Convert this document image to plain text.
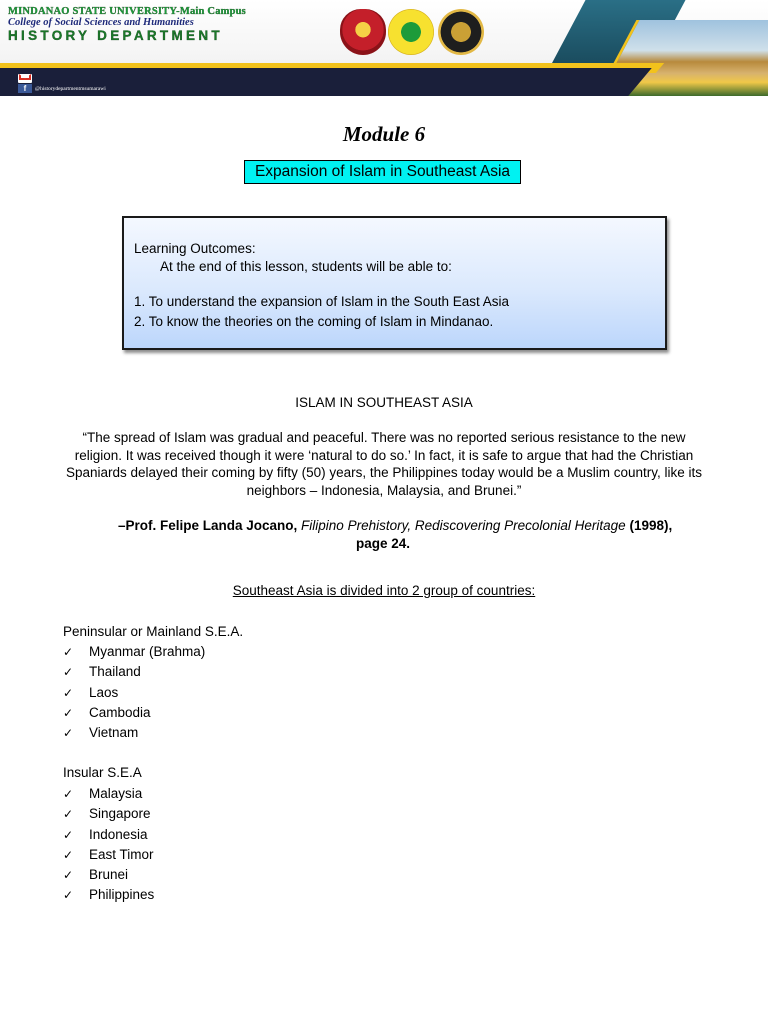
MINDANAO STATE UNIVERSITY-Main Campus
College of Social Sciences and Humanities
HISTORY DEPARTMENT
f	@historydepartmentmsumarawi
Module 6
Expansion of Islam in Southeast Asia
Learning Outcomes:
At the end of this lesson, students will be able to:
1. To understand the expansion of Islam in the South East Asia
2. To know the theories on the coming of Islam in Mindanao.
ISLAM IN SOUTHEAST ASIA
“The spread of Islam was gradual and peaceful. There was no reported serious resistance to the new religion. It was received though it were ‘natural to do so.’ In fact, it is safe to argue that had the Christian Spaniards delayed their coming by fifty (50) years, the Philippines today would be a Muslim country, like its neighbors – Indonesia, Malaysia, and Brunei.”
–Prof. Felipe Landa Jocano, Filipino Prehistory, Rediscovering Precolonial Heritage (1998),
page 24.
Southeast Asia is divided into 2 group of countries:
Peninsular or Mainland S.E.A.
✓	Myanmar (Brahma)
✓	Thailand
✓	Laos
✓	Cambodia
✓	Vietnam
Insular S.E.A
✓	Malaysia
✓	Singapore
✓	Indonesia
✓	East Timor
✓	Brunei
✓	Philippines
